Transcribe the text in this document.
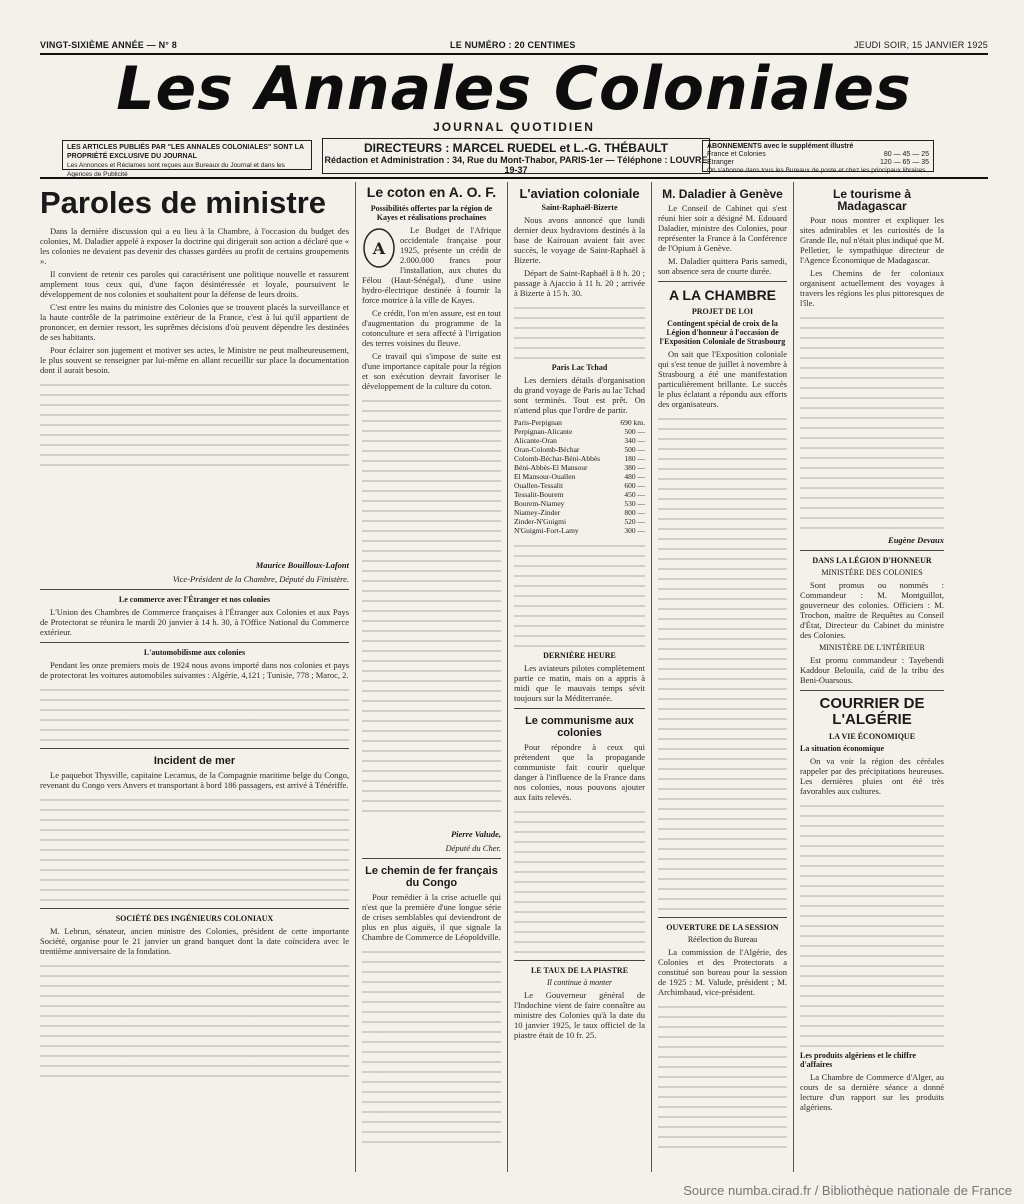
VINGT-SIXIÈME ANNÉE — N° 8	LE NUMÉRO : 20 CENTIMES	JEUDI SOIR, 15 JANVIER 1925
Les Annales Coloniales
JOURNAL QUOTIDIEN
LES ARTICLES PUBLIÉS PAR "LES ANNALES COLONIALES" SONT LA PROPRIÉTÉ EXCLUSIVE DU JOURNAL
Les Annonces et Réclames sont reçues aux Bureaux du Journal et dans les Agences de Publicité
DIRECTEURS : MARCEL RUEDEL et L.-G. THÉBAULT
Rédaction et Administration : 34, Rue du Mont-Thabor, PARIS-1er — Téléphone : LOUVRE 19-37
ABONNEMENTS avec le supplément illustré
France et Colonies	80 — 45 — 25
Étranger	120 — 65 — 35
On s'abonne dans tous les Bureaux de poste et chez les principaux libraires
Paroles de ministre

Dans la dernière discussion qui a eu lieu à la Chambre, à l'occasion du budget des colonies, M. Daladier appelé à exposer la doctrine qui dirigerait son action a déclaré que « les colonies ne devaient pas devenir des chasses gardées au profit de certains groupements ».

Il convient de retenir ces paroles qui caractérisent une politique nouvelle et rassurent amplement tous ceux qui, d'une façon désintéressée et loyale, poursuivent le développement de nos colonies et souhaitent pour la défense de leurs droits.

C'est entre les mains du ministre des Colonies que se trouvent placés la surveillance et la haute contrôle de la patrimoine extérieur de la France, c'est à lui qu'il appartient de prononcer, en dernier ressort, les suprêmes décisions d'où peuvent dépendre les destinées de ses habitants.

Pour éclairer son jugement et motiver ses actes, le Ministre ne peut malheureusement, le plus souvent se renseigner par lui-même en allant recueillir sur place la documentation dont il aurait besoin.

Maurice Bouilloux-Lafont
Vice-Président de la Chambre, Député du Finistère.
Le commerce avec l'Étranger et nos colonies

L'Union des Chambres de Commerce françaises à l'Étranger aux Colonies et aux Pays de Protectorat se réunira le mardi 20 janvier à 14 h. 30, à l'Office National du Commerce extérieur.

L'automobilisme aux colonies

Pendant les onze premiers mois de 1924 nous avons importé dans nos colonies et pays de protectorat les voitures automobiles suivantes : Algérie, 4,121 ; Tunisie, 778 ; Maroc, 2.

Incident de mer

Le paquebot Thysville, capitaine Lecamus, de la Compagnie maritime belge du Congo, revenant du Congo vers Anvers et transportant à bord 186 passagers, est arrivé à Ténériffe.

SOCIÉTÉ DES INGÉNIEURS COLONIAUX

M. Lebrun, sénateur, ancien ministre des Colonies, président de cette importante Société, organise pour le 21 janvier un grand banquet dont la date coïncidera avec le trentième anniversaire de la fondation.

Le coton en A. O. F.
Possibilités offertes par la région de Kayes et réalisations prochaines
A

Le Budget de l'Afrique occidentale française pour 1925, présente un crédit de 2.000.000 francs pour l'installation, aux chutes du Félou (Haut-Sénégal), d'une usine hydro-électrique destinée à fournir la force motrice à la ville de Kayes.

Ce crédit, l'on m'en assure, est en tout d'augmentation du programme de la cotonculture et sera affecté à l'irrigation des terres voisines du fleuve.

Ce travail qui s'impose de suite est d'une importance capitale pour la région et son exécution devrait favoriser le développement de la culture du coton.

Pierre Valude,
Député du Cher.
Le chemin de fer français du Congo

Pour remédier à la crise actuelle qui n'est que la première d'une longue série de crises semblables qui deviendront de plus en plus aiguës, il que signale la Chambre de Commerce de Léopoldville.

L'aviation coloniale
Saint-Raphaël-Bizerte

Nous avons annoncé que lundi dernier deux hydravions destinés à la base de Kairouan avaient fait avec succès, le voyage de Saint-Raphaël à Bizerte.

Départ de Saint-Raphaël à 8 h. 20 ; passage à Ajaccio à 11 h. 20 ; arrivée à Bizerte à 15 h. 30.

Paris Lac Tchad

Les derniers détails d'organisation du grand voyage de Paris au lac Tchad sont terminés. Tout est prêt. On n'attend plus que l'ordre de partir.

Paris-Perpignan	690 km.
Perpignan-Alicante	500 —
Alicante-Oran	340 —
Oran-Colomb-Béchar	500 —
Colomb-Béchar-Béni-Abbès	180 —
Béni-Abbès-El Mansour	380 —
El Mansour-Ouallen	480 —
Ouallen-Tessalit	600 —
Tessalit-Bourem	450 —
Bourem-Niamey	530 —
Niamey-Zinder	800 —
Zinder-N'Guigmi	520 —
N'Guigmi-Fort-Lamy	300 —
DERNIÈRE HEURE

Les aviateurs pilotes complètement partie ce matin, mais on a appris à midi que le mauvais temps sévit toujours sur la Méditerranée.

Le communisme aux colonies

Pour répondre à ceux qui prétendent que la propagande communiste fait courir quelque danger à l'influence de la France dans nos colonies, nous pouvons ajouter aux faits relevés.

LE TAUX DE LA PIASTRE
Il continue à monter

Le Gouverneur général de l'Indochine vient de faire connaître au ministre des Colonies qu'à la date du 10 janvier 1925, le taux officiel de la piastre était de 10 fr. 25.

M. Daladier à Genève

Le Conseil de Cabinet qui s'est réuni hier soir a désigné M. Edouard Daladier, ministre des Colonies, pour représenter la France à la Conférence de l'Opium à Genève.

M. Daladier quittera Paris samedi, son absence sera de courte durée.

A LA CHAMBRE
PROJET DE LOI
Contingent spécial de croix de la Légion d'honneur à l'occasion de l'Exposition Coloniale de Strasbourg

On sait que l'Exposition coloniale qui s'est tenue de juillet à novembre à Strasbourg a été une manifestation particulièrement brillante. Le succès le plus éclatant a répondu aux efforts des organisateurs.

OUVERTURE DE LA SESSION
Réélection du Bureau

La commission de l'Algérie, des Colonies et des Protectorats a constitué son bureau pour la session de 1925 : M. Valude, président ; M. Archimbaud, vice-président.

Le tourisme à Madagascar

Pour nous montrer et expliquer les sites admirables et les curiosités de la Grande Ile, nul n'était plus indiqué que M. Pelletier, le sympathique directeur de l'Agence Économique de Madagascar.

Les Chemins de fer coloniaux organisent actuellement des voyages à travers les régions les plus pittoresques de l'île.

Eugène Devaux
DANS LA LÉGION D'HONNEUR
MINISTÈRE DES COLONIES

Sont promus ou nommés : Commandeur : M. Montguillot, gouverneur des colonies. Officiers : M. Trochon, maître de Requêtes au Conseil d'État, Directeur du Cabinet du ministre des Colonies.

MINISTÈRE DE L'INTÉRIEUR

Est promu commandeur : Tayebendi Kaddour Belouila, caïd de la tribu des Beni-Ouarsous.

COURRIER DE L'ALGÉRIE
LA VIE ÉCONOMIQUE
La situation économique

On va voir la région des céréales rappeler par des précipitations heureuses. Les dernières pluies ont été très favorables aux cultures.

Les produits algériens et le chiffre d'affaires

La Chambre de Commerce d'Alger, au cours de sa dernière séance a donné lecture d'un rapport sur les produits algériens.

Source numba.cirad.fr / Bibliothèque nationale de France
